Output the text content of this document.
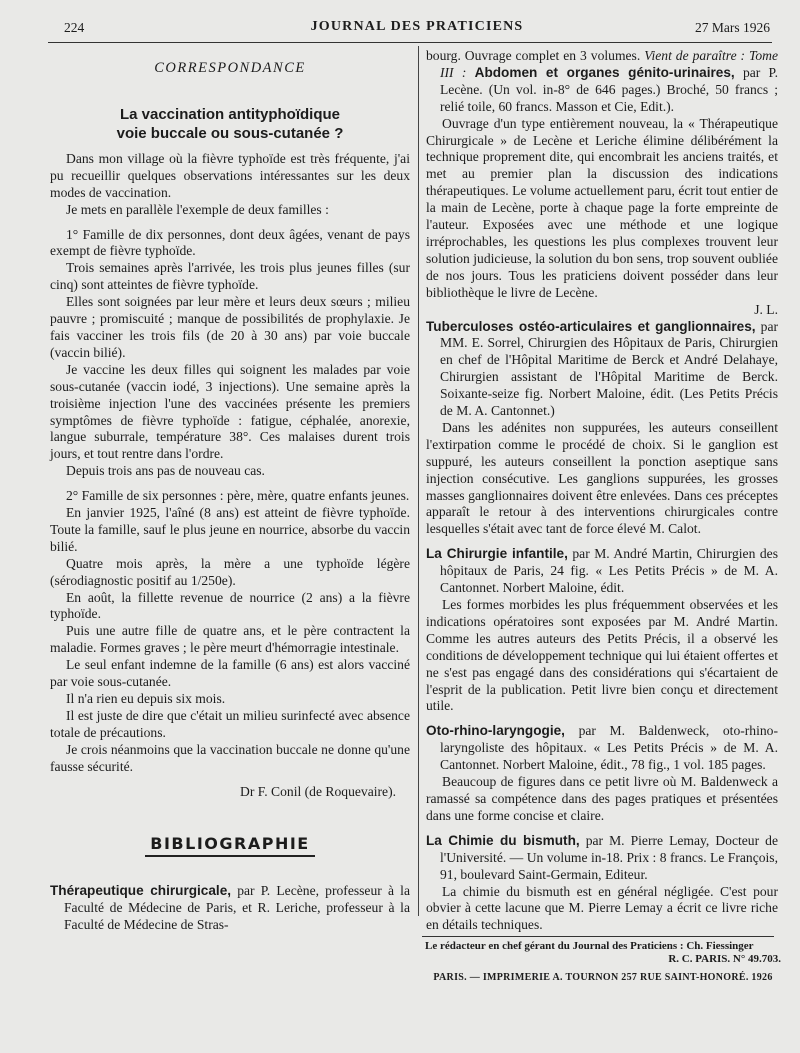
224	JOURNAL DES PRATICIENS	27 Mars 1926
CORRESPONDANCE
La vaccination antityphoïdique
voie buccale ou sous-cutanée ?

Dans mon village où la fièvre typhoïde est très fréquente, j'ai pu recueillir quelques observations intéressantes sur les deux modes de vaccination.

Je mets en parallèle l'exemple de deux familles :

1° Famille de dix personnes, dont deux âgées, venant de pays exempt de fièvre typhoïde.

Trois semaines après l'arrivée, les trois plus jeunes filles (sur cinq) sont atteintes de fièvre typhoïde.

Elles sont soignées par leur mère et leurs deux sœurs ; milieu pauvre ; promiscuité ; manque de possibilités de prophylaxie. Je fais vacciner les trois fils (de 20 à 30 ans) par voie buccale (vaccin bilié).

Je vaccine les deux filles qui soignent les malades par voie sous-cutanée (vaccin iodé, 3 injections). Une semaine après la troisième injection l'une des vaccinées présente les premiers symptômes de fièvre typhoïde : fatigue, céphalée, anorexie, langue suburrale, température 38°. Ces malaises durent trois jours, et tout rentre dans l'ordre.

Depuis trois ans pas de nouveau cas.

2° Famille de six personnes : père, mère, quatre enfants jeunes.

En janvier 1925, l'aîné (8 ans) est atteint de fièvre typhoïde. Toute la famille, sauf le plus jeune en nourrice, absorbe du vaccin bilié.

Quatre mois après, la mère a une typhoïde légère (sérodiagnostic positif au 1/250e).

En août, la fillette revenue de nourrice (2 ans) a la fièvre typhoïde.

Puis une autre fille de quatre ans, et le père contractent la maladie. Formes graves ; le père meurt d'hémorragie intestinale.

Le seul enfant indemne de la famille (6 ans) est alors vacciné par voie sous-cutanée.

Il n'a rien eu depuis six mois.

Il est juste de dire que c'était un milieu surinfecté avec absence totale de précautions.

Je crois néanmoins que la vaccination buccale ne donne qu'une fausse sécurité.

Dr F. Conil (de Roquevaire).

BIBLIOGRAPHIE

Thérapeutique chirurgicale, par P. Lecène, professeur à la Faculté de Médecine de Paris, et R. Leriche, professeur à la Faculté de Médecine de Stras-

bourg. Ouvrage complet en 3 volumes. Vient de paraître : Tome III : Abdomen et organes génito-urinaires, par P. Lecène. (Un vol. in-8° de 646 pages.) Broché, 50 francs ; relié toile, 60 francs. Masson et Cie, Edit.).

Ouvrage d'un type entièrement nouveau, la « Thérapeutique Chirurgicale » de Lecène et Leriche élimine délibérément la technique proprement dite, qui encombrait les anciens traités, et met au premier plan la discussion des indications thérapeutiques. Le volume actuellement paru, écrit tout entier de la main de Lecène, porte à chaque page la forte empreinte de l'auteur. Exposées avec une méthode et une logique irréprochables, les questions les plus complexes trouvent leur solution judicieuse, la solution du bon sens, trop souvent oubliée de nos jours. Tous les praticiens doivent posséder dans leur bibliothèque le livre de Lecène.

J. L.

Tuberculoses ostéo-articulaires et ganglionnaires, par MM. E. Sorrel, Chirurgien des Hôpitaux de Paris, Chirurgien en chef de l'Hôpital Maritime de Berck et André Delahaye, Chirurgien assistant de l'Hôpital Maritime de Berck. Soixante-seize fig. Norbert Maloine, édit. (Les Petits Précis de M. A. Cantonnet.)

Dans les adénites non suppurées, les auteurs conseillent l'extirpation comme le procédé de choix. Si le ganglion est suppuré, les auteurs conseillent la ponction aseptique sans injection consécutive. Les ganglions suppurées, les grosses masses ganglionnaires doivent être enlevées. Dans ces préceptes apparaît le retour à des interventions chirurgicales contre lesquelles s'était avec tant de force élevé M. Calot.

La Chirurgie infantile, par M. André Martin, Chirurgien des hôpitaux de Paris, 24 fig. « Les Petits Précis » de M. A. Cantonnet. Norbert Maloine, édit.

Les formes morbides les plus fréquemment observées et les indications opératoires sont exposées par M. André Martin. Comme les autres auteurs des Petits Précis, il a observé les conditions de développement technique qui lui étaient offertes et ne s'est pas engagé dans des considérations qui s'écartaient de l'esprit de la publication. Petit livre bien conçu et directement utile.

Oto-rhino-laryngogie, par M. Baldenweck, oto-rhino-laryngoliste des hôpitaux. « Les Petits Précis » de M. A. Cantonnet. Norbert Maloine, édit., 78 fig., 1 vol. 185 pages.

Beaucoup de figures dans ce petit livre où M. Baldenweck a ramassé sa compétence dans des pages pratiques et présentées dans une forme concise et claire.

La Chimie du bismuth, par M. Pierre Lemay, Docteur de l'Université. — Un volume in-18. Prix : 8 francs. Le François, 91, boulevard Saint-Germain, Editeur.

La chimie du bismuth est en général négligée. C'est pour obvier à cette lacune que M. Pierre Lemay a écrit ce livre riche en détails techniques.

Le rédacteur en chef gérant du Journal des Praticiens : Ch. Fiessinger
R. C. PARIS. N° 49.703.
PARIS. — IMPRIMERIE A. TOURNON 257 RUE SAINT-HONORÉ. 1926
